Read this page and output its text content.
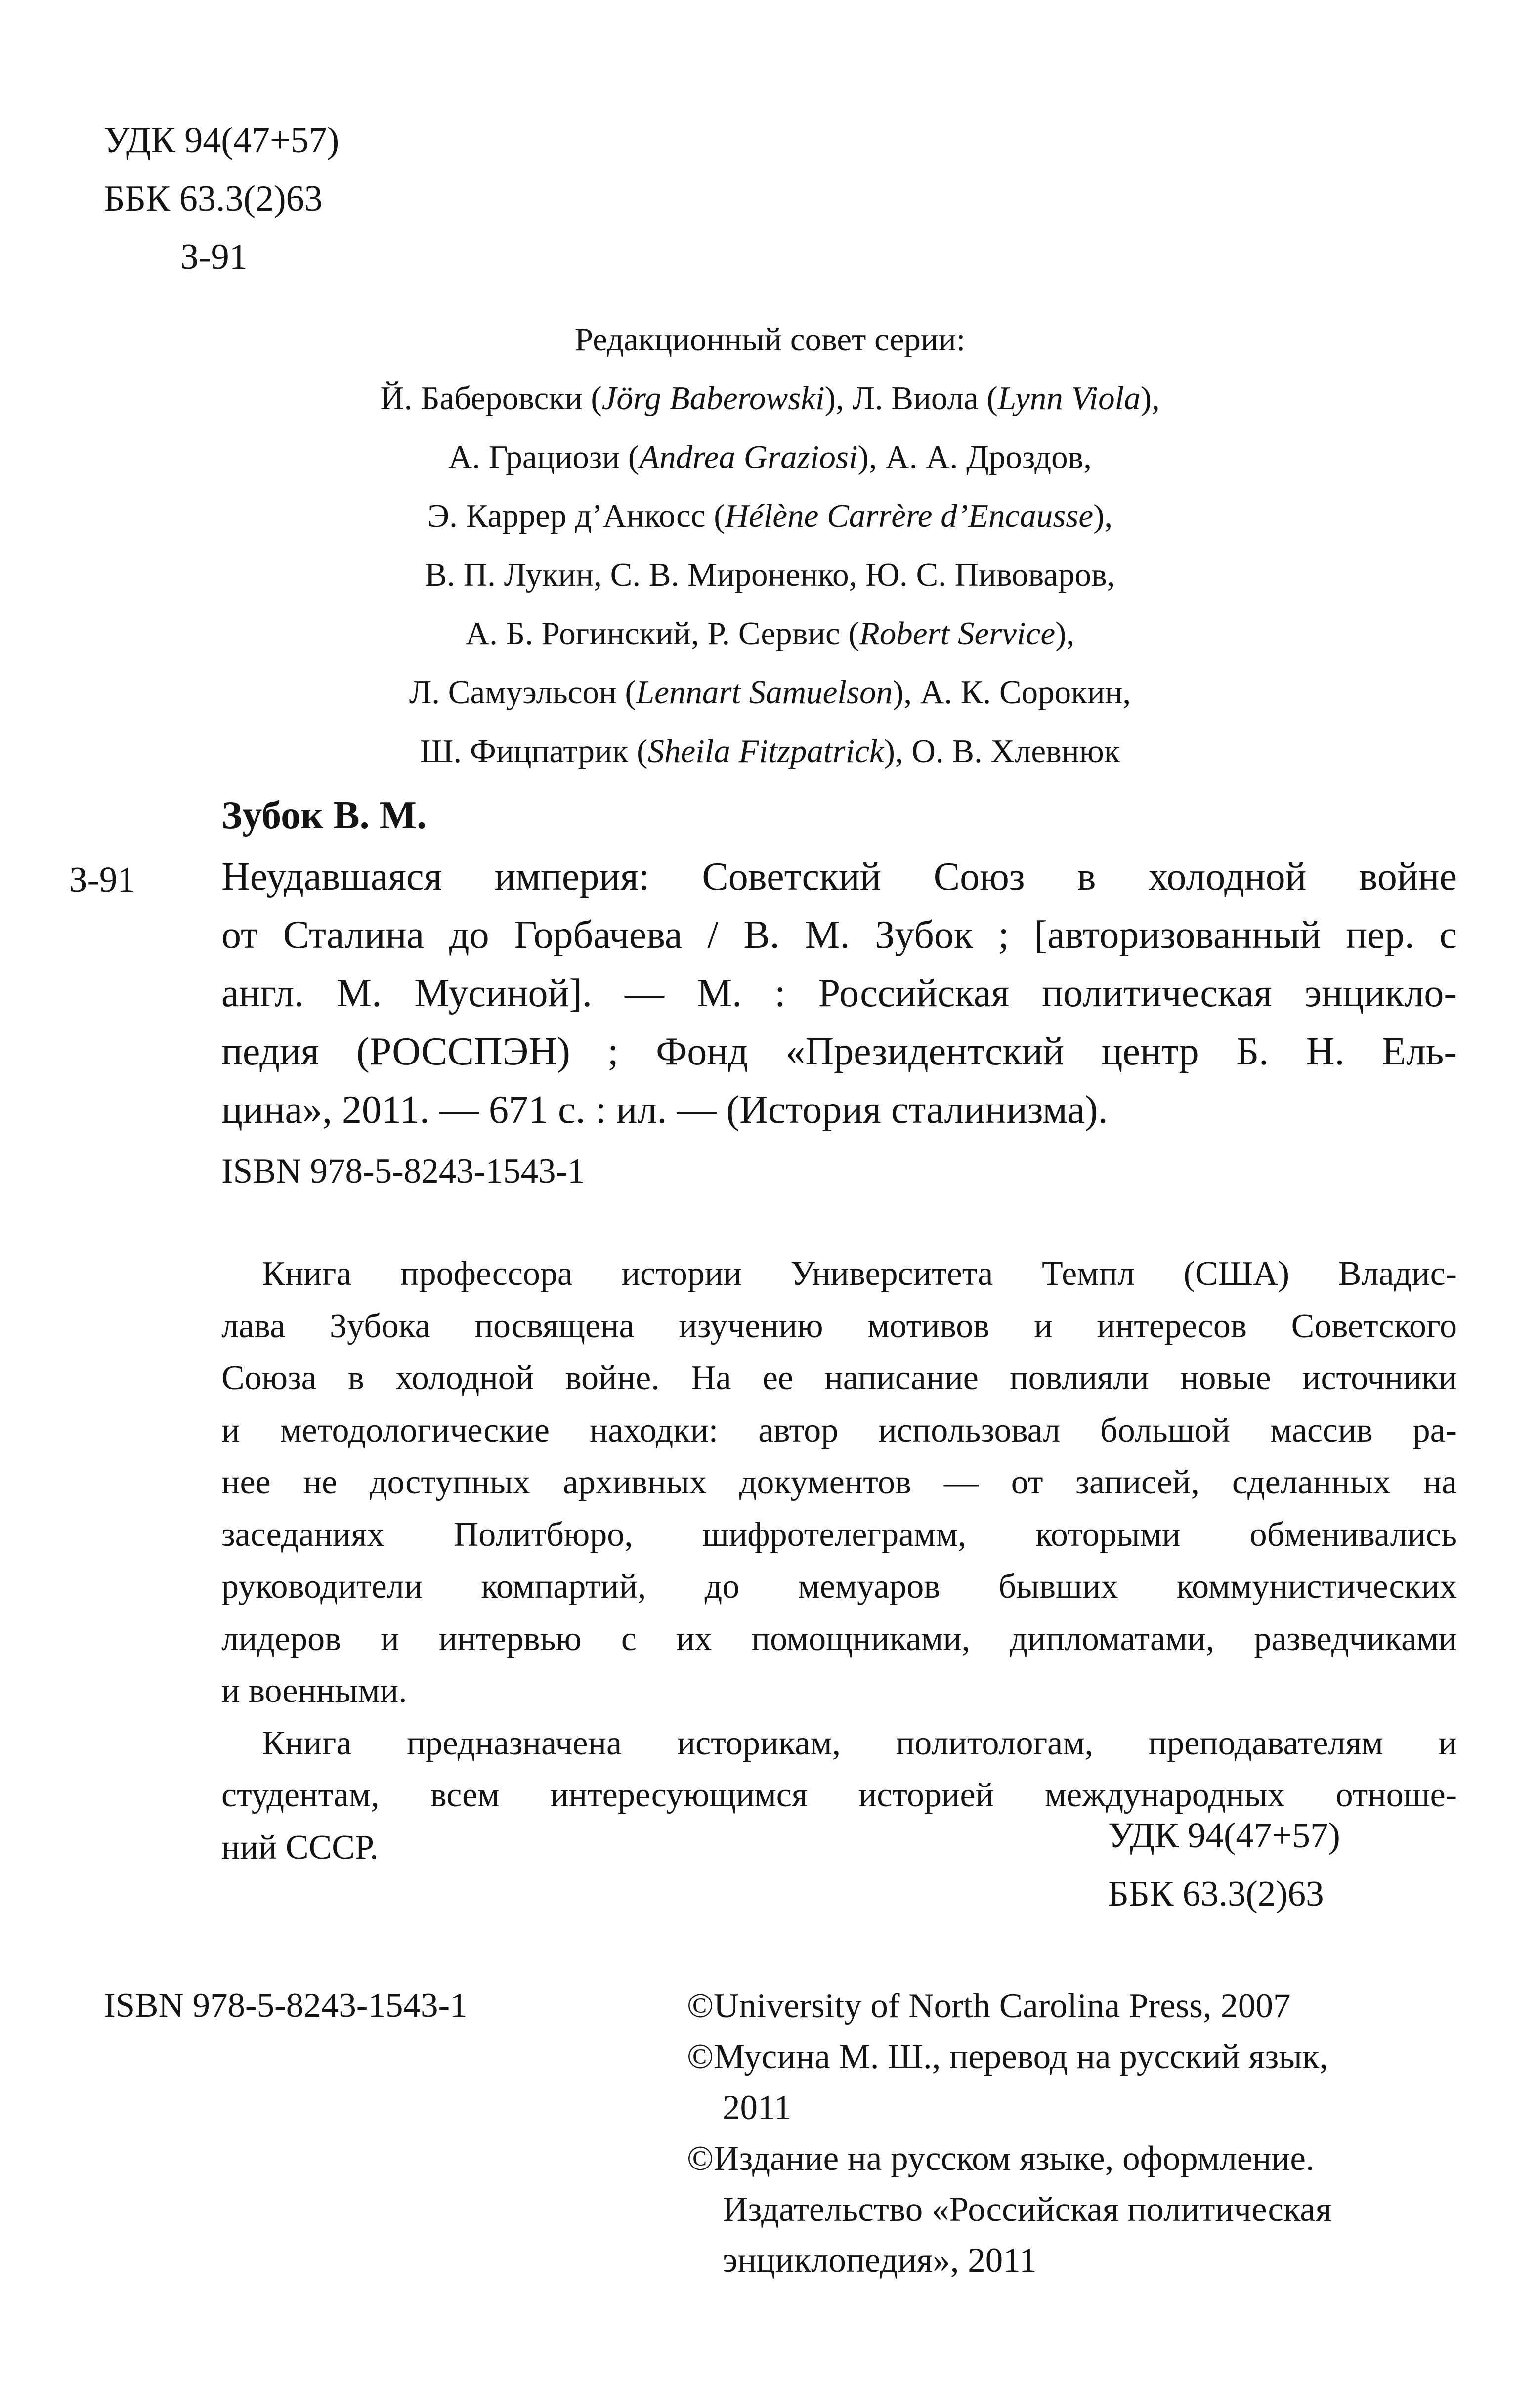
УДК 94(47+57)
ББК 63.3(2)63
З-91
Редакционный совет серии:
Й. Баберовски (Jörg Baberowski), Л. Виола (Lynn Viola),
А. Грациози (Andrea Graziosi), А. А. Дроздов,
Э. Каррер д’Анкосс (Hélène Carrère d’Encausse),
В. П. Лукин, С. В. Мироненко, Ю. С. Пивоваров,
А. Б. Рогинский, Р. Сервис (Robert Service),
Л. Самуэльсон (Lennart Samuelson), А. К. Сорокин,
Ш. Фицпатрик (Sheila Fitzpatrick), О. В. Хлевнюк
Зубок В. М.
З-91 Неудавшаяся империя: Советский Союз в холодной войне
от Сталина до Горбачева / В. М. Зубок ; [авторизованный пер. с
англ. М. Мусиной]. — М. : Российская политическая энцикло-
педия (РОССПЭН) ; Фонд «Президентский центр Б. Н. Ель-
цина», 2011. — 671 с. : ил. — (История сталинизма).
ISBN 978-5-8243-1543-1
Книга профессора истории Университета Темпл (США) Владис-
лава Зубока посвящена изучению мотивов и интересов Советского
Союза в холодной войне. На ее написание повлияли новые источники
и методологические находки: автор использовал большой массив ра-
нее не доступных архивных документов — от записей, сделанных на
заседаниях Политбюро, шифротелеграмм, которыми обменивались
руководители компартий, до мемуаров бывших коммунистических
лидеров и интервью с их помощниками, дипломатами, разведчиками
и военными.
Книга предназначена историкам, политологам, преподавателям и
студентам, всем интересующимся историей международных отноше-
ний СССР.	УДК 94(47+57)
ББК 63.3(2)63
ISBN 978-5-8243-1543-1	©University of North Carolina Press, 2007
©Мусина М. Ш., перевод на русский язык,
2011
©Издание на русском языке, оформление.
Издательство «Российская политическая
энциклопедия», 2011
